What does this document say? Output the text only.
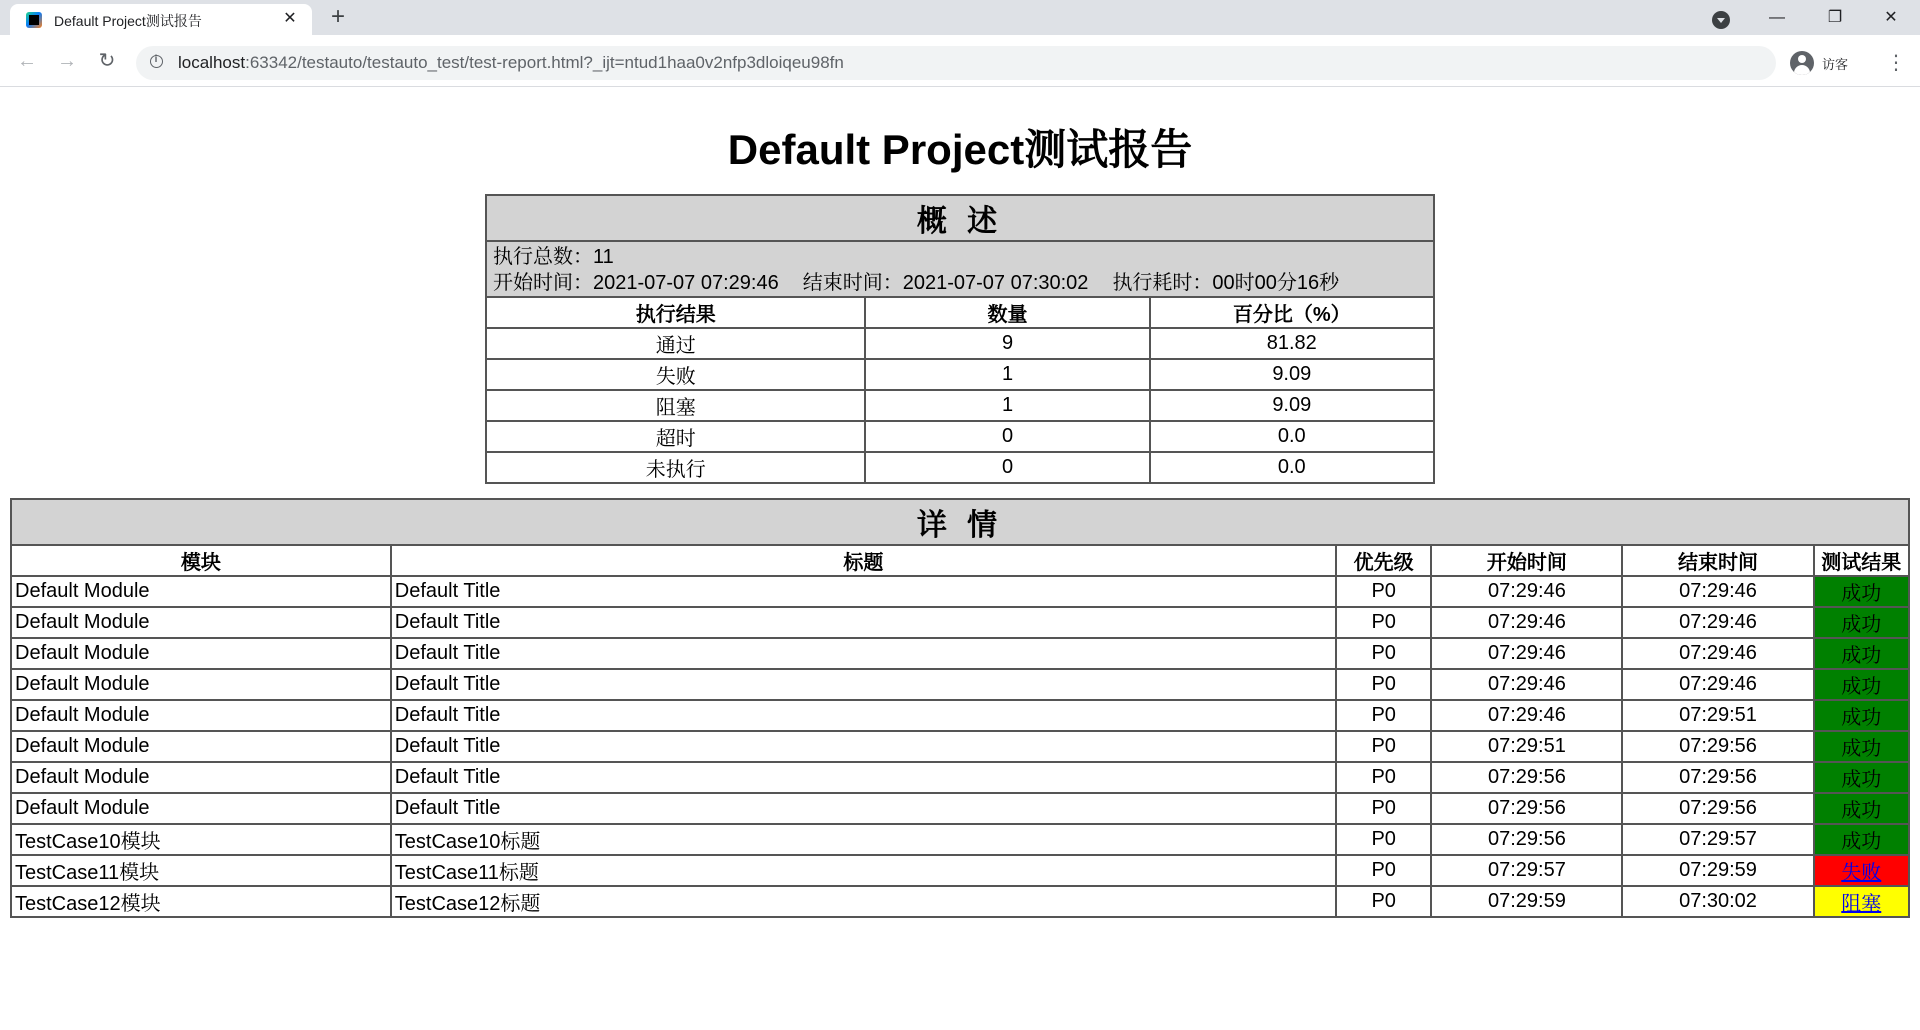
Default Project测试报告	✕ +	—	❐	✕
← →	↻ i	localhost:63342/testauto/testauto_test/test-report.html?_ijt=ntud1haa0v2nfp3dloiqeu98fn	访客 ⋮
Default Project测试报告
概 述		

执行总数：11
开始时间：2021-07-07 07:29:46 结束时间：2021-07-07 07:30:02 执行耗时：00时00分16秒		

执行结果	数量	百分比（%）
通过	9	81.82
失败	1	9.09
阻塞	1	9.09
超时	0	0.0
未执行	0	0.0
详 情					
模块	标题	优先级	开始时间	结束时间	测试结果
Default Module	Default Title	P0	07:29:46	07:29:46	成功
Default Module	Default Title	P0	07:29:46	07:29:46	成功
Default Module	Default Title	P0	07:29:46	07:29:46	成功
Default Module	Default Title	P0	07:29:46	07:29:46	成功
Default Module	Default Title	P0	07:29:46	07:29:51	成功
Default Module	Default Title	P0	07:29:51	07:29:56	成功
Default Module	Default Title	P0	07:29:56	07:29:56	成功
Default Module	Default Title	P0	07:29:56	07:29:56	成功
TestCase10模块	TestCase10标题	P0	07:29:56	07:29:57	成功
TestCase11模块	TestCase11标题	P0	07:29:57	07:29:59	失败
TestCase12模块	TestCase12标题	P0	07:29:59	07:30:02	阻塞
